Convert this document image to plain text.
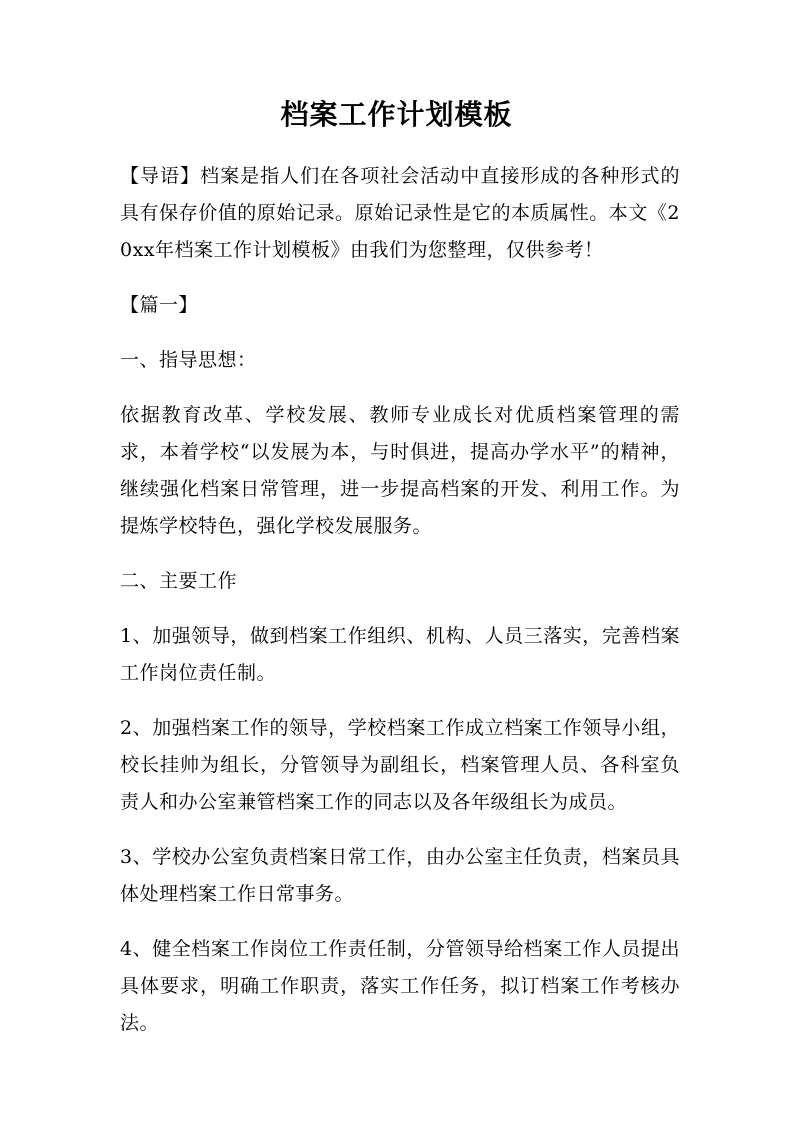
档案工作计划模板

【导语】档案是指人们在各项社会活动中直接形成的各种形式的具有保存价值的原始记录。原始记录性是它的本质属性。本文《20xx年档案工作计划模板》由我们为您整理，仅供参考！

【篇一】

一、指导思想：

依据教育改革、学校发展、教师专业成长对优质档案管理的需求，本着学校“以发展为本，与时俱进，提高办学水平”的精神，继续强化档案日常管理，进一步提高档案的开发、利用工作。为提炼学校特色，强化学校发展服务。

二、主要工作

1、加强领导，做到档案工作组织、机构、人员三落实，完善档案工作岗位责任制。

2、加强档案工作的领导，学校档案工作成立档案工作领导小组，校长挂帅为组长，分管领导为副组长，档案管理人员、各科室负责人和办公室兼管档案工作的同志以及各年级组长为成员。

3、学校办公室负责档案日常工作，由办公室主任负责，档案员具体处理档案工作日常事务。

4、健全档案工作岗位工作责任制，分管领导给档案工作人员提出具体要求，明确工作职责，落实工作任务，拟订档案工作考核办法。
